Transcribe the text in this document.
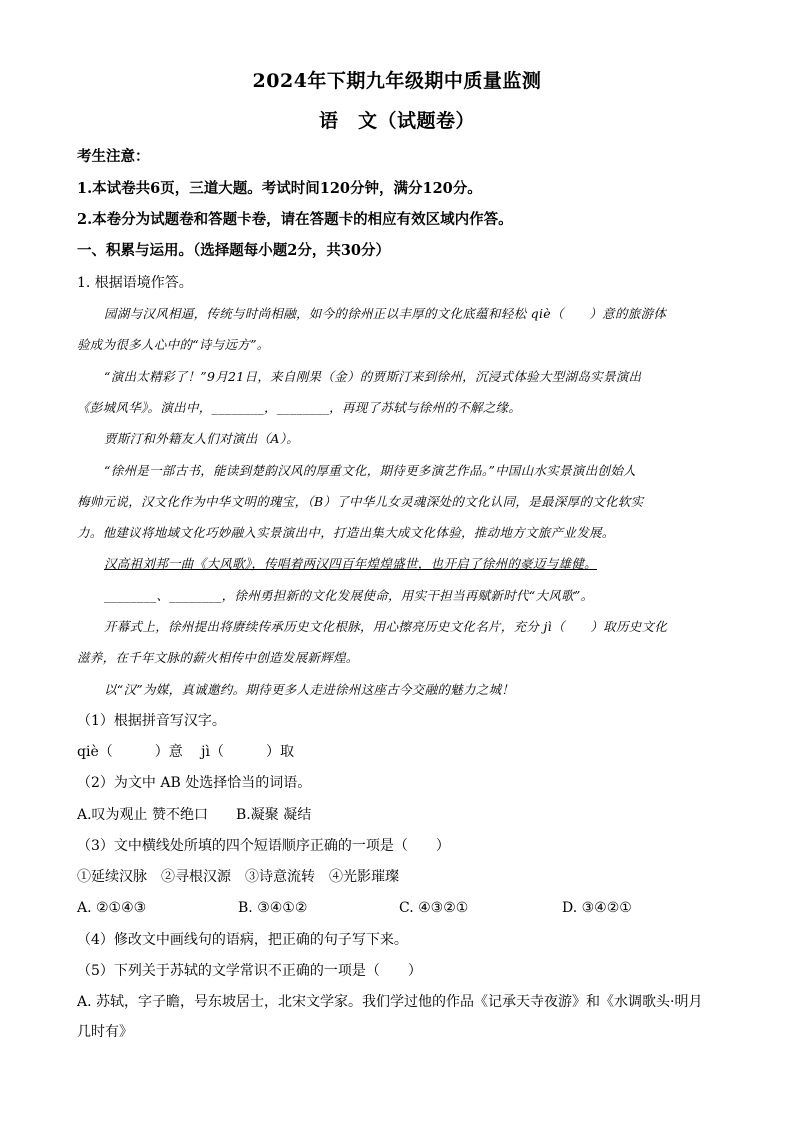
2024年下期九年级期中质量监测
语　文（试题卷）
考生注意：
1.本试卷共6页，三道大题。考试时间120分钟，满分120分。
2.本卷分为试题卷和答题卡卷，请在答题卡的相应有效区域内作答。
一、积累与运用。（选择题每小题2分，共30分）
1. 根据语境作答。
园湖与汉风相逼，传统与时尚相融，如今的徐州正以丰厚的文化底蕴和轻松 qiè（　　）意的旅游体
验成为很多人心中的“诗与远方”。
“演出太精彩了！”9月21日，来自刚果（金）的贾斯汀来到徐州，沉浸式体验大型湖岛实景演出
《彭城风华》。演出中，________，________，再现了苏轼与徐州的不解之缘。
贾斯汀和外籍友人们对演出（A）。
“徐州是一部古书，能读到楚韵汉风的厚重文化，期待更多演艺作品。”中国山水实景演出创始人
梅帅元说，汉文化作为中华文明的瑰宝，（B）了中华儿女灵魂深处的文化认同，是最深厚的文化软实
力。他建议将地域文化巧妙融入实景演出中，打造出集大成文化体验，推动地方文旅产业发展。
汉高祖刘邦一曲《大风歌》，传唱着两汉四百年煌煌盛世，也开启了徐州的豪迈与雄健。
________、________，徐州勇担新的文化发展使命，用实干担当再赋新时代“大风歌”。
开幕式上，徐州提出将赓续传承历史文化根脉，用心擦亮历史文化名片，充分 jì（　　）取历史文化
滋养，在千年文脉的薪火相传中创造发展新辉煌。
以“汉”为媒，真诚邀约。期待更多人走进徐州这座古今交融的魅力之城！
（1）根据拼音写汉字。
qiè（　　　）意　 jì（　　　）取
（2）为文中 AB 处选择恰当的词语。
A.叹为观止 赞不绝口　　B.凝聚 凝结
（3）文中横线处所填的四个短语顺序正确的一项是（　　）
①延续汉脉　②寻根汉源　③诗意流转　④光影璀璨
A. ②①④③	B. ③④①②	C. ④③②①	D. ③④②①
（4）修改文中画线句的语病，把正确的句子写下来。
（5）下列关于苏轼的文学常识不正确的一项是（　　）
A. 苏轼，字子瞻，号东坡居士，北宋文学家。我们学过他的作品《记承天寺夜游》和《水调歌头·明月
几时有》
